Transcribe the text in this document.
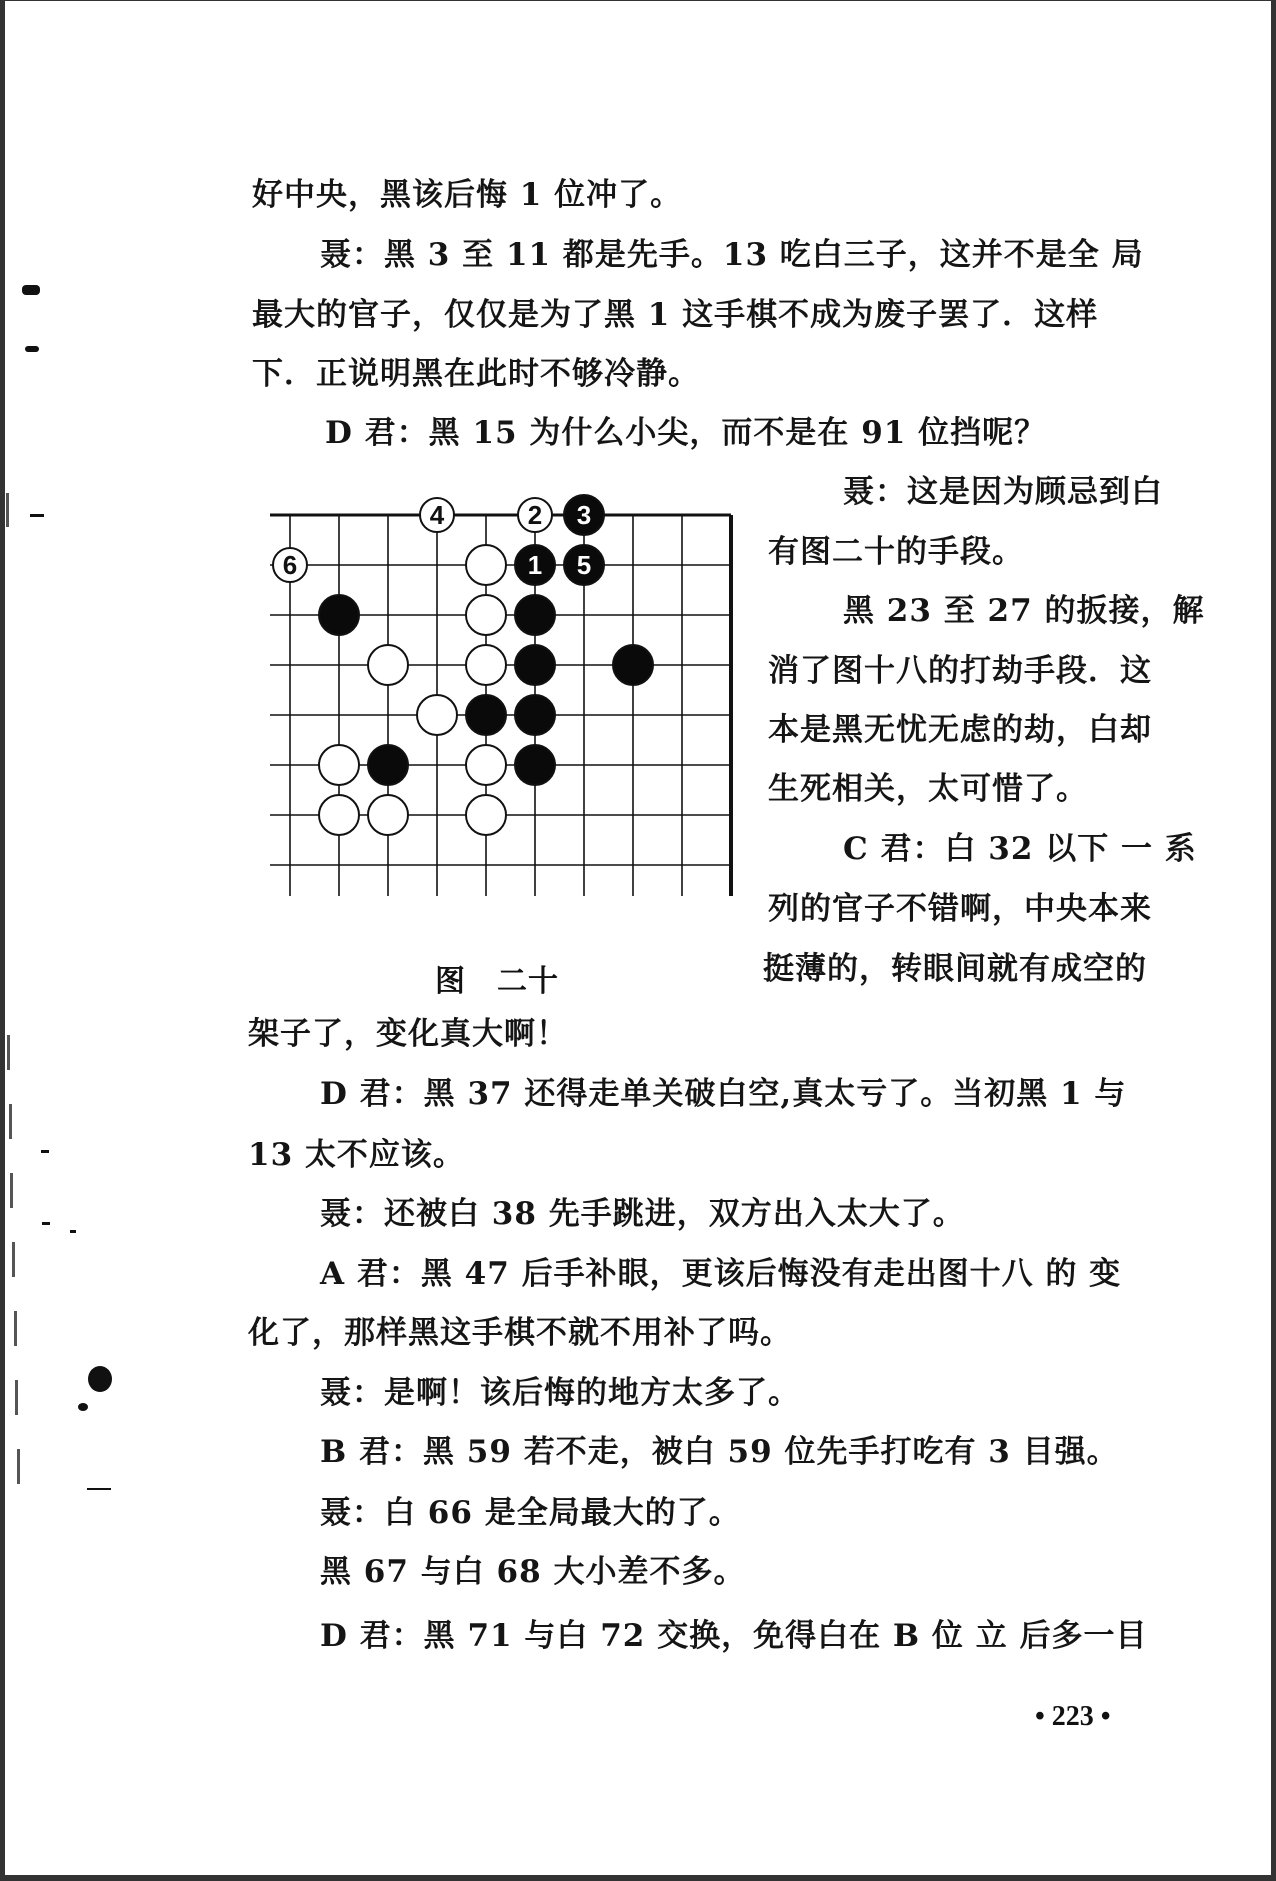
好中央，黑该后悔 1 位冲了。
聂：黑 3 至 11 都是先手。13 吃白三子，这并不是全 局
最大的官子，仅仅是为了黑 1 这手棋不成为废子罢了．这样
下．正说明黑在此时不够冷静。
D 君：黑 15 为什么小尖，而不是在 91 位挡呢？
6
4	2 3
1 5
图　二十
聂：这是因为顾忌到白
有图二十的手段。
黑 23 至 27 的扳接，解
消了图十八的打劫手段．这
本是黑无忧无虑的劫，白却
生死相关，太可惜了。
C 君：白 32 以下 一 系
列的官子不错啊，中央本来
挺薄的，转眼间就有成空的
架子了，变化真大啊！
D 君：黑 37 还得走单关破白空,真太亏了。当初黑 1 与
13 太不应该。
聂：还被白 38 先手跳进，双方出入太大了。
A 君：黑 47 后手补眼，更该后悔没有走出图十八 的 变
化了，那样黑这手棋不就不用补了吗。
聂：是啊！该后悔的地方太多了。
B 君：黑 59 若不走，被白 59 位先手打吃有 3 目强。
聂：白 66 是全局最大的了。
黑 67 与白 68 大小差不多。
D 君：黑 71 与白 72 交换，免得白在 B 位 立 后多一目
• 223 •
